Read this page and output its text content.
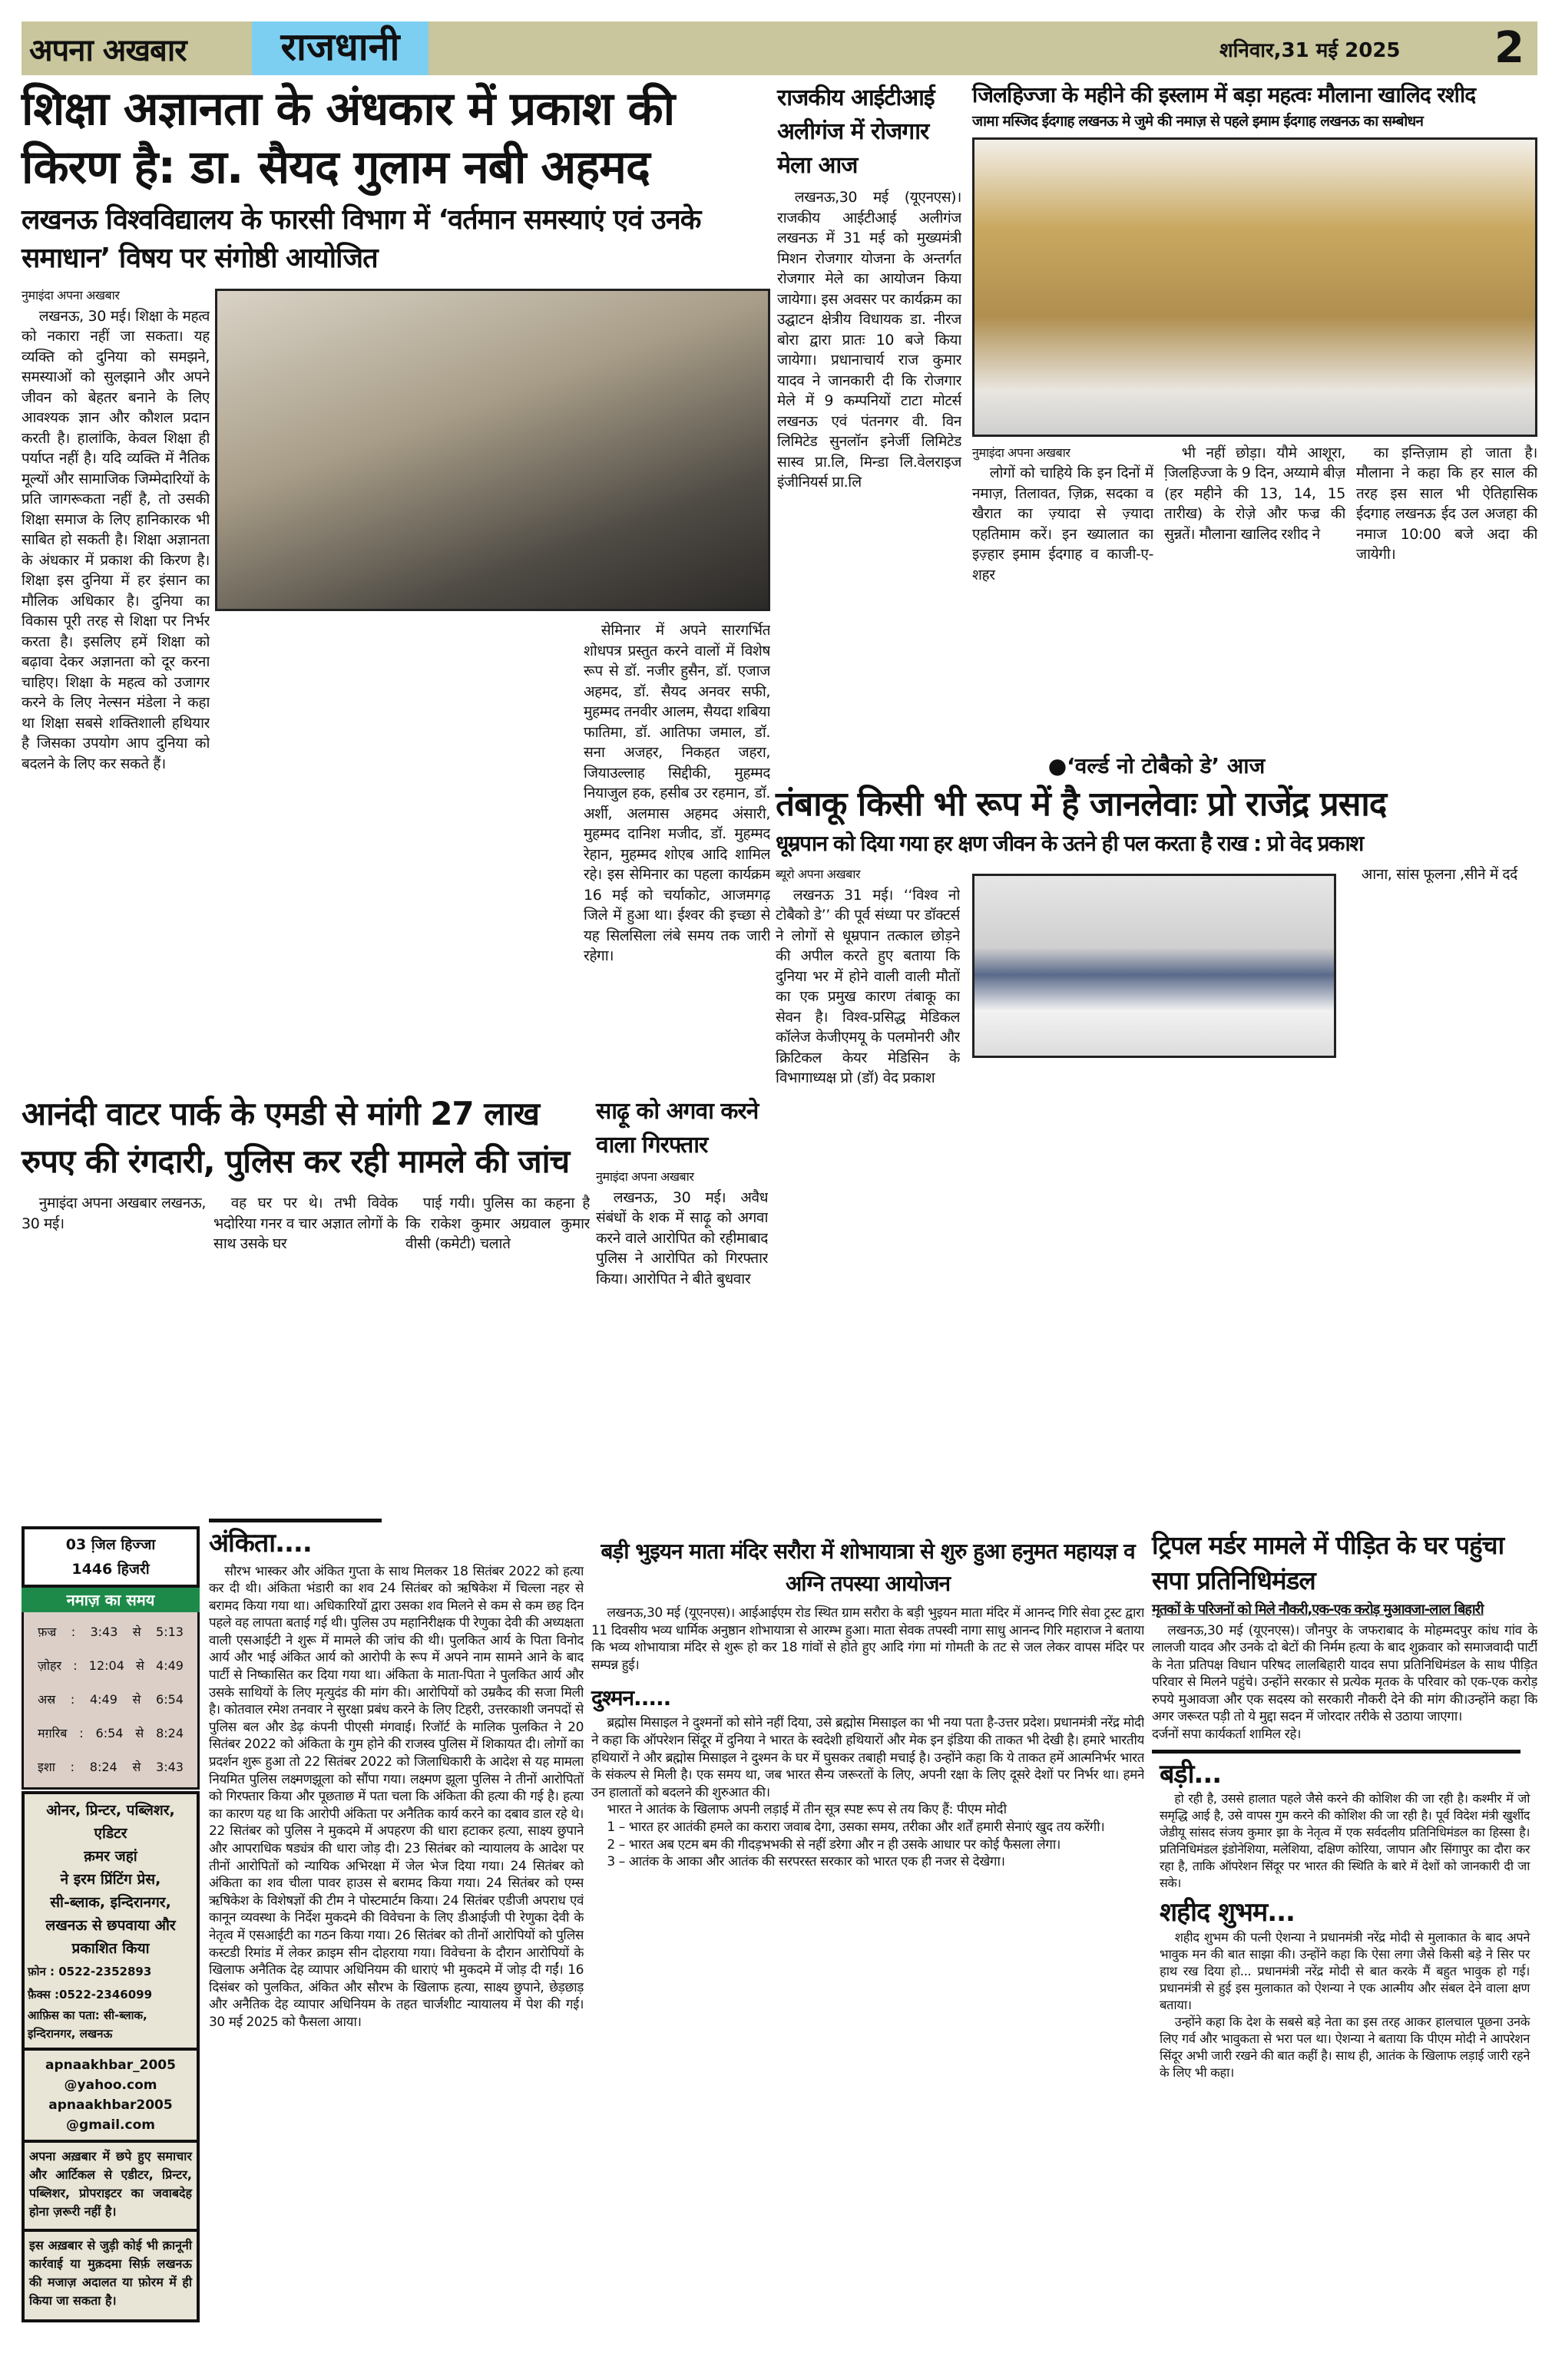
अपना अखबार	राजधानी	शनिवार,31 मई 2025 2
शिक्षा अज्ञानता के अंधकार में प्रकाश की किरण है: डा. सैयद गुलाम नबी अहमद
लखनऊ विश्वविद्यालय के फारसी विभाग में ‘वर्तमान समस्याएं एवं उनके समाधान’ विषय पर संगोष्ठी आयोजित
नुमाइंदा अपना अखबार

लखनऊ, 30 मई। शिक्षा के महत्व को नकारा नहीं जा सकता। यह व्यक्ति को दुनिया को समझने, समस्याओं को सुलझाने और अपने जीवन को बेहतर बनाने के लिए आवश्यक ज्ञान और कौशल प्रदान करती है। हालांकि, केवल शिक्षा ही पर्याप्त नहीं है। यदि व्यक्ति में नैतिक मूल्यों और सामाजिक जिम्मेदारियों के प्रति जागरूकता नहीं है, तो उसकी शिक्षा समाज के लिए हानिकारक भी साबित हो सकती है। शिक्षा अज्ञानता के अंधकार में प्रकाश की किरण है। शिक्षा इस दुनिया में हर इंसान का मौलिक अधिकार है। दुनिया का विकास पूरी तरह से शिक्षा पर निर्भर करता है। इसलिए हमें शिक्षा को बढ़ावा देकर अज्ञानता को दूर करना चाहिए। शिक्षा के महत्व को उजागर करने के लिए नेल्सन मंडेला ने कहा था शिक्षा सबसे शक्तिशाली हथियार है जिसका उपयोग आप दुनिया को बदलने के लिए कर सकते हैं।

सेमिनार में अपने सारगर्भित शोधपत्र प्रस्तुत करने वालों में विशेष रूप से डॉ. नजीर हुसैन, डॉ. एजाज अहमद, डॉ. सैयद अनवर सफी, मुहम्मद तनवीर आलम, सैयदा शबिया फातिमा, डॉ. आतिफा जमाल, डॉ. सना अजहर, निकहत जहरा, जियाउल्लाह सिद्दीकी, मुहम्मद नियाजुल हक, हसीब उर रहमान, डॉ. अर्शी, अलमास अहमद अंसारी, मुहम्मद दानिश मजीद, डॉ. मुहम्मद रेहान, मुहम्मद शोएब आदि शामिल रहे। इस सेमिनार का पहला कार्यक्रम 16 मई को चर्याकोट, आजमगढ़ जिले में हुआ था। ईश्वर की इच्छा से यह सिलसिला लंबे समय तक जारी रहेगा।

राजकीय आईटीआई अलीगंज में रोजगार मेला आज

लखनऊ,30 मई (यूएनएस)। राजकीय आईटीआई अलीगंज लखनऊ में 31 मई को मुख्यमंत्री मिशन रोजगार योजना के अन्तर्गत रोजगार मेले का आयोजन किया जायेगा। इस अवसर पर कार्यक्रम का उद्घाटन क्षेत्रीय विधायक डा. नीरज बोरा द्वारा प्रातः 10 बजे किया जायेगा। प्रधानाचार्य राज कुमार यादव ने जानकारी दी कि रोजगार मेले में 9 कम्पनियों टाटा मोटर्स लखनऊ एवं पंतनगर वी. विन लिमिटेड सुनलॉन इनेर्जी लिमिटेड सास्व प्रा.लि, मिन्डा लि.वेलराइज इंजीनियर्स प्रा.लि

जिलहिज्जा के महीने की इस्लाम में बड़ा महत्वः मौलाना खालिद रशीद
जामा मस्जिद ईदगाह लखनऊ मे जुमे की नमाज़ से पहले इमाम ईदगाह लखनऊ का सम्बोधन
नुमाइंदा अपना अखबार

लोगों को चाहिये कि इन दिनों में नमाज़, तिलावत, ज़िक्र, सदका व खैरात का ज़्यादा से ज़्यादा एहतिमाम करें। इन ख्यालात का इज़्हार इमाम ईदगाह व काजी-ए-शहर

भी नहीं छोड़ा। यौमे आशूरा, जि़लहिज्जा के 9 दिन, अय्यामे बीज़ (हर महीने की 13, 14, 15 तारीख) के रोज़े और फज्र की सुन्नतें। मौलाना खालिद रशीद ने

का इन्तिज़ाम हो जाता है। मौलाना ने कहा कि हर साल की तरह इस साल भी ऐतिहासिक ईदगाह लखनऊ ईद उल अजहा की नमाज 10:00 बजे अदा की जायेगी।

●‘वर्ल्ड नो टोबैको डे’ आज
तंबाकू किसी भी रूप में है जानलेवाः प्रो राजेंद्र प्रसाद
धूम्रपान को दिया गया हर क्षण जीवन के उतने ही पल करता है राख : प्रो वेद प्रकाश
ब्यूरो अपना अखबार

लखनऊ 31 मई। ‘‘विश्व नो टोबैको डे’’ की पूर्व संध्या पर डॉक्टर्स ने लोगों से धूम्रपान तत्काल छोड़ने की अपील करते हुए बताया कि दुनिया भर में होने वाली वाली मौतों का एक प्रमुख कारण तंबाकू का सेवन है। विश्व-प्रसिद्ध मेडिकल कॉलेज केजीएमयू के पलमोनरी और क्रिटिकल केयर मेडिसिन के विभागाध्यक्ष प्रो (डॉ) वेद प्रकाश

आना, सांस फूलना ,सीने में दर्द

आनंदी वाटर पार्क के एमडी से मांगी 27 लाख रुपए की रंगदारी, पुलिस कर रही मामले की जांच

नुमाइंदा अपना अखबार लखनऊ, 30 मई।

वह घर पर थे। तभी विवेक भदोरिया गनर व चार अज्ञात लोगों के साथ उसके घर

पाई गयी। पुलिस का कहना है कि राकेश कुमार अग्रवाल कुमार वीसी (कमेटी) चलाते

साढ़ू को अगवा करने वाला गिरफ्तार
नुमाइंदा अपना अखबार

लखनऊ, 30 मई। अवैध संबंधों के शक में साढ़ू को अगवा करने वाले आरोपित को रहीमाबाद पुलिस ने आरोपित को गिरफ्तार किया। आरोपित ने बीते बुधवार

03 जि़ल हिज्जा
1446 हिजरी
नमाज़ का समय
फ़ज्र : 3:43 से 5:13
ज़ोहर : 12:04 से 4:49
अस्र : 4:49 से 6:54
मग़रिब : 6:54 से 8:24
इशा : 8:24 से 3:43
ओनर, प्रिन्टर, पब्लिशर,
एडिटर
क़मर जहां
ने इरम प्रिंटिंग प्रेस,
सी-ब्लाक, इन्दिरानगर,
लखनऊ से छपवाया और
प्रकाशित किया
फ़ोन : 0522-2352893
फ़ैक्स :0522-2346099
आफ़िस का पता: सी-ब्लाक, इन्दिरानगर, लखनऊ
apnaakhbar_2005 @yahoo.com
apnaakhbar2005 @gmail.com
अपना अख़बार में छपे हुए समाचार और आर्टिकल से एडीटर, प्रिन्टर, पब्लिशर, प्रोपराइटर का जवाबदेह होना ज़रूरी नहीं है।
इस अख़बार से जुड़ी कोई भी क़ानूनी कार्रवाई या मुक़दमा सिर्फ़ लखनऊ की मजाज़ अदालत या फ़ोरम में ही किया जा सकता है।
अंकिता....

सौरभ भास्कर और अंकित गुप्ता के साथ मिलकर 18 सितंबर 2022 को हत्या कर दी थी। अंकिता भंडारी का शव 24 सितंबर को ऋषिकेश में चिल्ला नहर से बरामद किया गया था। अधिकारियों द्वारा उसका शव मिलने से कम से कम छह दिन पहले वह लापता बताई गई थी। पुलिस उप महानिरीक्षक पी रेणुका देवी की अध्यक्षता वाली एसआईटी ने शुरू में मामले की जांच की थी। पुलकित आर्य के पिता विनोद आर्य और भाई अंकित आर्य को आरोपी के रूप में अपने नाम सामने आने के बाद पार्टी से निष्कासित कर दिया गया था। अंकिता के माता-पिता ने पुलकित आर्य और उसके साथियों के लिए मृत्युदंड की मांग की। आरोपियों को उम्रकैद की सजा मिली है। कोतवाल रमेश तनवार ने सुरक्षा प्रबंध करने के लिए टिहरी, उत्तरकाशी जनपदों से पुलिस बल और डेढ़ कंपनी पीएसी मंगवाई। रिजॉर्ट के मालिक पुलकित ने 20 सितंबर 2022 को अंकिता के गुम होने की राजस्व पुलिस में शिकायत दी। लोगों का प्रदर्शन शुरू हुआ तो 22 सितंबर 2022 को जिलाधिकारी के आदेश से यह मामला नियमित पुलिस लक्ष्मणझूला को सौंपा गया। लक्ष्मण झूला पुलिस ने तीनों आरोपितों को गिरफ्तार किया और पूछताछ में पता चला कि अंकिता की हत्या की गई है। हत्या का कारण यह था कि आरोपी अंकिता पर अनैतिक कार्य करने का दबाव डाल रहे थे। 22 सितंबर को पुलिस ने मुकदमे में अपहरण की धारा हटाकर हत्या, साक्ष्य छुपाने और आपराधिक षड्यंत्र की धारा जोड़ दी। 23 सितंबर को न्यायालय के आदेश पर तीनों आरोपितों को न्यायिक अभिरक्षा में जेल भेज दिया गया। 24 सितंबर को अंकिता का शव चीला पावर हाउस से बरामद किया गया। 24 सितंबर को एम्स ऋषिकेश के विशेषज्ञों की टीम ने पोस्टमार्टम किया। 24 सितंबर एडीजी अपराध एवं कानून व्यवस्था के निर्देश मुकदमे की विवेचना के लिए डीआईजी पी रेणुका देवी के नेतृत्व में एसआईटी का गठन किया गया। 26 सितंबर को तीनों आरोपियों को पुलिस कस्टडी रिमांड में लेकर क्राइम सीन दोहराया गया। विवेचना के दौरान आरोपियों के खिलाफ अनैतिक देह व्यापार अधिनियम की धाराएं भी मुकदमे में जोड़ दी गईं। 16 दिसंबर को पुलकित, अंकित और सौरभ के खिलाफ हत्या, साक्ष्य छुपाने, छेड़छाड़ और अनैतिक देह व्यापार अधिनियम के तहत चार्जशीट न्यायालय में पेश की गई। 30 मई 2025 को फैसला आया।

बड़ी भुइयन माता मंदिर सरौरा में शोभायात्रा से शुरु हुआ हनुमत महायज्ञ व अग्नि तपस्या आयोजन

लखनऊ,30 मई (यूएनएस)। आईआईएम रोड स्थित ग्राम सरौरा के बड़ी भुइयन माता मंदिर में आनन्द गिरि सेवा ट्रस्ट द्वारा 11 दिवसीय भव्य धार्मिक अनुष्ठान शोभायात्रा से आरम्भ हुआ। माता सेवक तपस्वी नागा साधु आनन्द गिरि महाराज ने बताया कि भव्य शोभायात्रा मंदिर से शुरू हो कर 18 गांवों से होते हुए आदि गंगा मां गोमती के तट से जल लेकर वापस मंदिर पर सम्पन्न हुई।

दुश्मन.....

ब्रह्मोस मिसाइल ने दुश्मनों को सोने नहीं दिया, उसे ब्रह्मोस मिसाइल का भी नया पता है-उत्तर प्रदेश। प्रधानमंत्री नरेंद्र मोदी ने कहा कि ऑपरेशन सिंदूर में दुनिया ने भारत के स्वदेशी हथियारों और मेक इन इंडिया की ताकत भी देखी है। हमारे भारतीय हथियारों ने और ब्रह्मोस मिसाइल ने दुश्मन के घर में घुसकर तबाही मचाई है। उन्होंने कहा कि ये ताकत हमें आत्मनिर्भर भारत के संकल्प से मिली है। एक समय था, जब भारत सैन्य जरूरतों के लिए, अपनी रक्षा के लिए दूसरे देशों पर निर्भर था। हमने उन हालातों को बदलने की शुरुआत की।

भारत ने आतंक के खिलाफ अपनी लड़ाई में तीन सूत्र स्पष्ट रूप से तय किए हैं: पीएम मोदी

1 – भारत हर आतंकी हमले का करारा जवाब देगा, उसका समय, तरीका और शर्तें हमारी सेनाएं खुद तय करेंगी।

2 – भारत अब एटम बम की गीदड़भभकी से नहीं डरेगा और न ही उसके आधार पर कोई फैसला लेगा।

3 – आतंक के आका और आतंक की सरपरस्त सरकार को भारत एक ही नजर से देखेगा।

ट्रिपल मर्डर मामले में पीड़ित के घर पहुंचा सपा प्रतिनिधिमंडल
मृतकों के परिजनों को मिले नौकरी,एक-एक करोड़ मुआवजा-लाल बिहारी

लखनऊ,30 मई (यूएनएस)। जौनपुर के जफराबाद के मोहम्मदपुर कांध गांव के लालजी यादव और उनके दो बेटों की निर्मम हत्या के बाद शुक्रवार को समाजवादी पार्टी के नेता प्रतिपक्ष विधान परिषद लालबिहारी यादव सपा प्रतिनिधिमंडल के साथ पीड़ित परिवार से मिलने पहुंचे। उन्होंने सरकार से प्रत्येक मृतक के परिवार को एक-एक करोड़ रुपये मुआवजा और एक सदस्य को सरकारी नौकरी देने की मांग की।उन्होंने कहा कि अगर जरूरत पड़ी तो ये मुद्दा सदन में जोरदार तरीके से उठाया जाएगा।

दर्जनों सपा कार्यकर्ता शामिल रहे।
बड़ी...

हो रही है, उससे हालात पहले जैसे करने की कोशिश की जा रही है। कश्मीर में जो समृद्धि आई है, उसे वापस गुम करने की कोशिश की जा रही है। पूर्व विदेश मंत्री खुर्शीद जेडीयू सांसद संजय कुमार झा के नेतृत्व में एक सर्वदलीय प्रतिनिधिमंडल का हिस्सा है। प्रतिनिधिमंडल इंडोनेशिया, मलेशिया, दक्षिण कोरिया, जापान और सिंगापुर का दौरा कर रहा है, ताकि ऑपरेशन सिंदूर पर भारत की स्थिति के बारे में देशों को जानकारी दी जा सके।

शहीद शुभम...

शहीद शुभम की पत्नी ऐशन्या ने प्रधानमंत्री नरेंद्र मोदी से मुलाकात के बाद अपने भावुक मन की बात साझा की। उन्होंने कहा कि ऐसा लगा जैसे किसी बड़े ने सिर पर हाथ रख दिया हो... प्रधानमंत्री नरेंद्र मोदी से बात करके मैं बहुत भावुक हो गई। प्रधानमंत्री से हुई इस मुलाकात को ऐशन्या ने एक आत्मीय और संबल देने वाला क्षण बताया।

उन्होंने कहा कि देश के सबसे बड़े नेता का इस तरह आकर हालचाल पूछना उनके लिए गर्व और भावुकता से भरा पल था। ऐशन्या ने बताया कि पीएम मोदी ने आपरेशन सिंदूर अभी जारी रखने की बात कहीं है। साथ ही, आतंक के खिलाफ लड़ाई जारी रहने के लिए भी कहा।
